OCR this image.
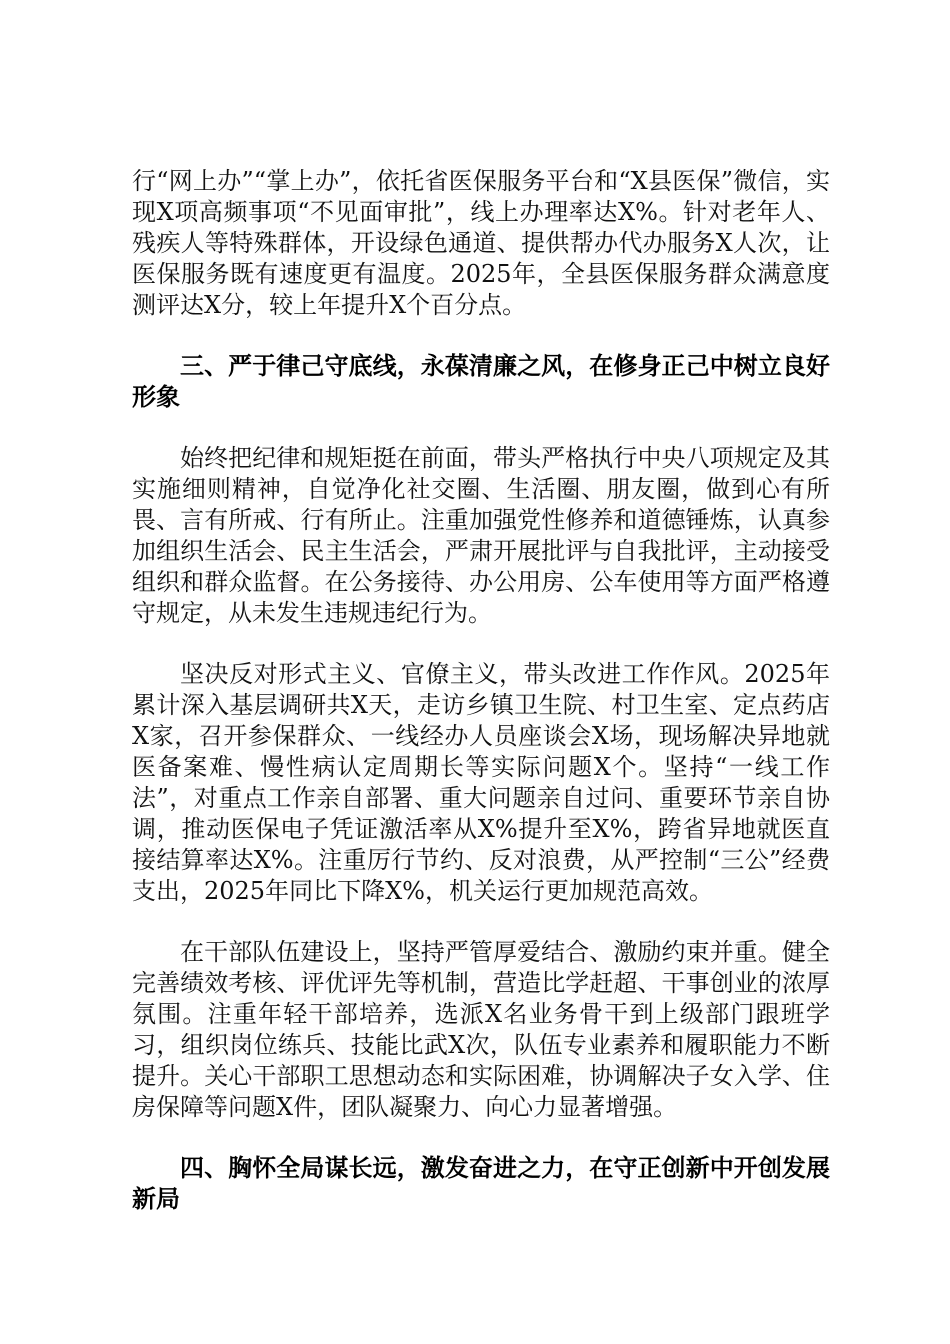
行“网上办”“掌上办”，依托省医保服务平台和“X县医保”微信，实现X项高频事项“不见面审批”，线上办理率达X%。针对老年人、残疾人等特殊群体，开设绿色通道、提供帮办代办服务X人次，让医保服务既有速度更有温度。2025年，全县医保服务群众满意度测评达X分，较上年提升X个百分点。

三、严于律己守底线，永葆清廉之风，在修身正己中树立良好形象

始终把纪律和规矩挺在前面，带头严格执行中央八项规定及其实施细则精神，自觉净化社交圈、生活圈、朋友圈，做到心有所畏、言有所戒、行有所止。注重加强党性修养和道德锤炼，认真参加组织生活会、民主生活会，严肃开展批评与自我批评，主动接受组织和群众监督。在公务接待、办公用房、公车使用等方面严格遵守规定，从未发生违规违纪行为。

坚决反对形式主义、官僚主义，带头改进工作作风。2025年累计深入基层调研共X天，走访乡镇卫生院、村卫生室、定点药店X家，召开参保群众、一线经办人员座谈会X场，现场解决异地就医备案难、慢性病认定周期长等实际问题X个。坚持“一线工作法”，对重点工作亲自部署、重大问题亲自过问、重要环节亲自协调，推动医保电子凭证激活率从X%提升至X%，跨省异地就医直接结算率达X%。注重厉行节约、反对浪费，从严控制“三公”经费支出，2025年同比下降X%，机关运行更加规范高效。

在干部队伍建设上，坚持严管厚爱结合、激励约束并重。健全完善绩效考核、评优评先等机制，营造比学赶超、干事创业的浓厚氛围。注重年轻干部培养，选派X名业务骨干到上级部门跟班学习，组织岗位练兵、技能比武X次，队伍专业素养和履职能力不断提升。关心干部职工思想动态和实际困难，协调解决子女入学、住房保障等问题X件，团队凝聚力、向心力显著增强。

四、胸怀全局谋长远，激发奋进之力，在守正创新中开创发展新局
